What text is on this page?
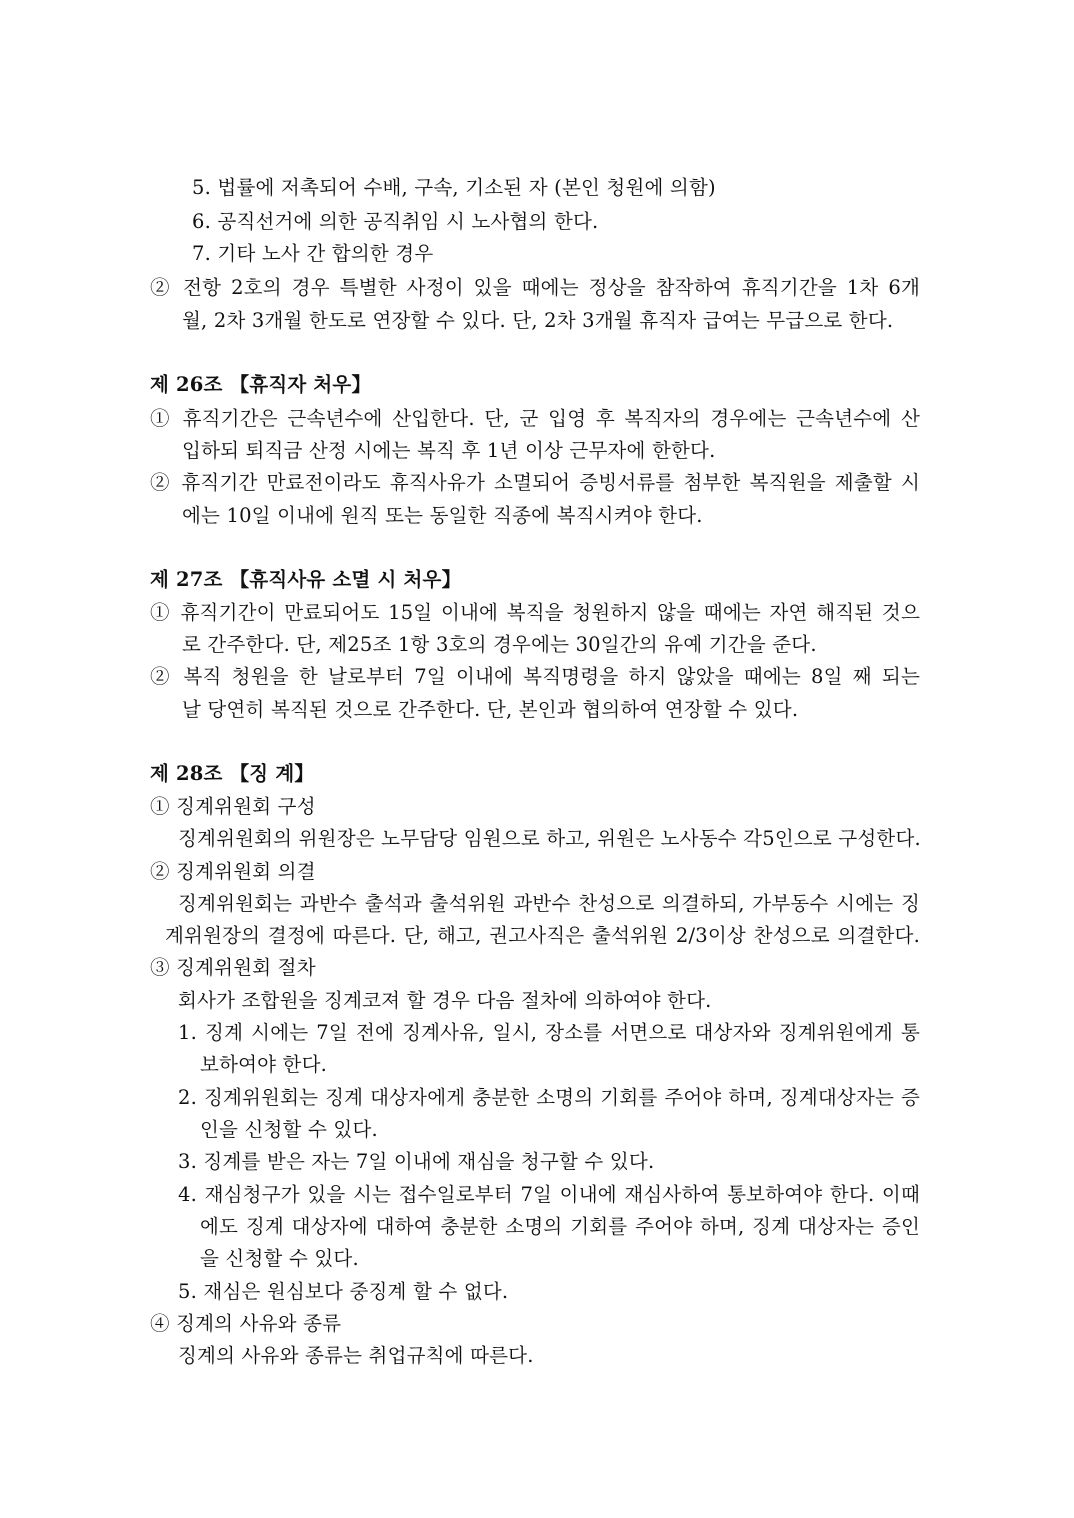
5. 법률에 저촉되어 수배, 구속, 기소된 자 (본인 청원에 의함)
6. 공직선거에 의한 공직취임 시 노사협의 한다.
7. 기타 노사 간 합의한 경우
② 전항 2호의 경우 특별한 사정이 있을 때에는 정상을 참작하여 휴직기간을 1차 6개
월, 2차 3개월 한도로 연장할 수 있다. 단, 2차 3개월 휴직자 급여는 무급으로 한다.
제 26조 【휴직자 처우】
① 휴직기간은 근속년수에 산입한다. 단, 군 입영 후 복직자의 경우에는 근속년수에 산
입하되 퇴직금 산정 시에는 복직 후 1년 이상 근무자에 한한다.
② 휴직기간 만료전이라도 휴직사유가 소멸되어 증빙서류를 첨부한 복직원을 제출할 시
에는 10일 이내에 원직 또는 동일한 직종에 복직시켜야 한다.
제 27조 【휴직사유 소멸 시 처우】
① 휴직기간이 만료되어도 15일 이내에 복직을 청원하지 않을 때에는 자연 해직된 것으
로 간주한다. 단, 제25조 1항 3호의 경우에는 30일간의 유예 기간을 준다.
② 복직 청원을 한 날로부터 7일 이내에 복직명령을 하지 않았을 때에는 8일 째 되는
날 당연히 복직된 것으로 간주한다. 단, 본인과 협의하여 연장할 수 있다.
제 28조 【징 계】
① 징계위원회 구성
징계위원회의 위원장은 노무담당 임원으로 하고, 위원은 노사동수 각5인으로 구성한다.
② 징계위원회 의결
징계위원회는 과반수 출석과 출석위원 과반수 찬성으로 의결하되, 가부동수 시에는 징
계위원장의 결정에 따른다. 단, 해고, 권고사직은 출석위원 2/3이상 찬성으로 의결한다.
③ 징계위원회 절차
회사가 조합원을 징계코져 할 경우 다음 절차에 의하여야 한다.
1. 징계 시에는 7일 전에 징계사유, 일시, 장소를 서면으로 대상자와 징계위원에게 통
보하여야 한다.
2. 징계위원회는 징계 대상자에게 충분한 소명의 기회를 주어야 하며, 징계대상자는 증
인을 신청할 수 있다.
3. 징계를 받은 자는 7일 이내에 재심을 청구할 수 있다.
4. 재심청구가 있을 시는 접수일로부터 7일 이내에 재심사하여 통보하여야 한다. 이때
에도 징계 대상자에 대하여 충분한 소명의 기회를 주어야 하며, 징계 대상자는 증인
을 신청할 수 있다.
5. 재심은 원심보다 중징계 할 수 없다.
④ 징계의 사유와 종류
징계의 사유와 종류는 취업규칙에 따른다.
